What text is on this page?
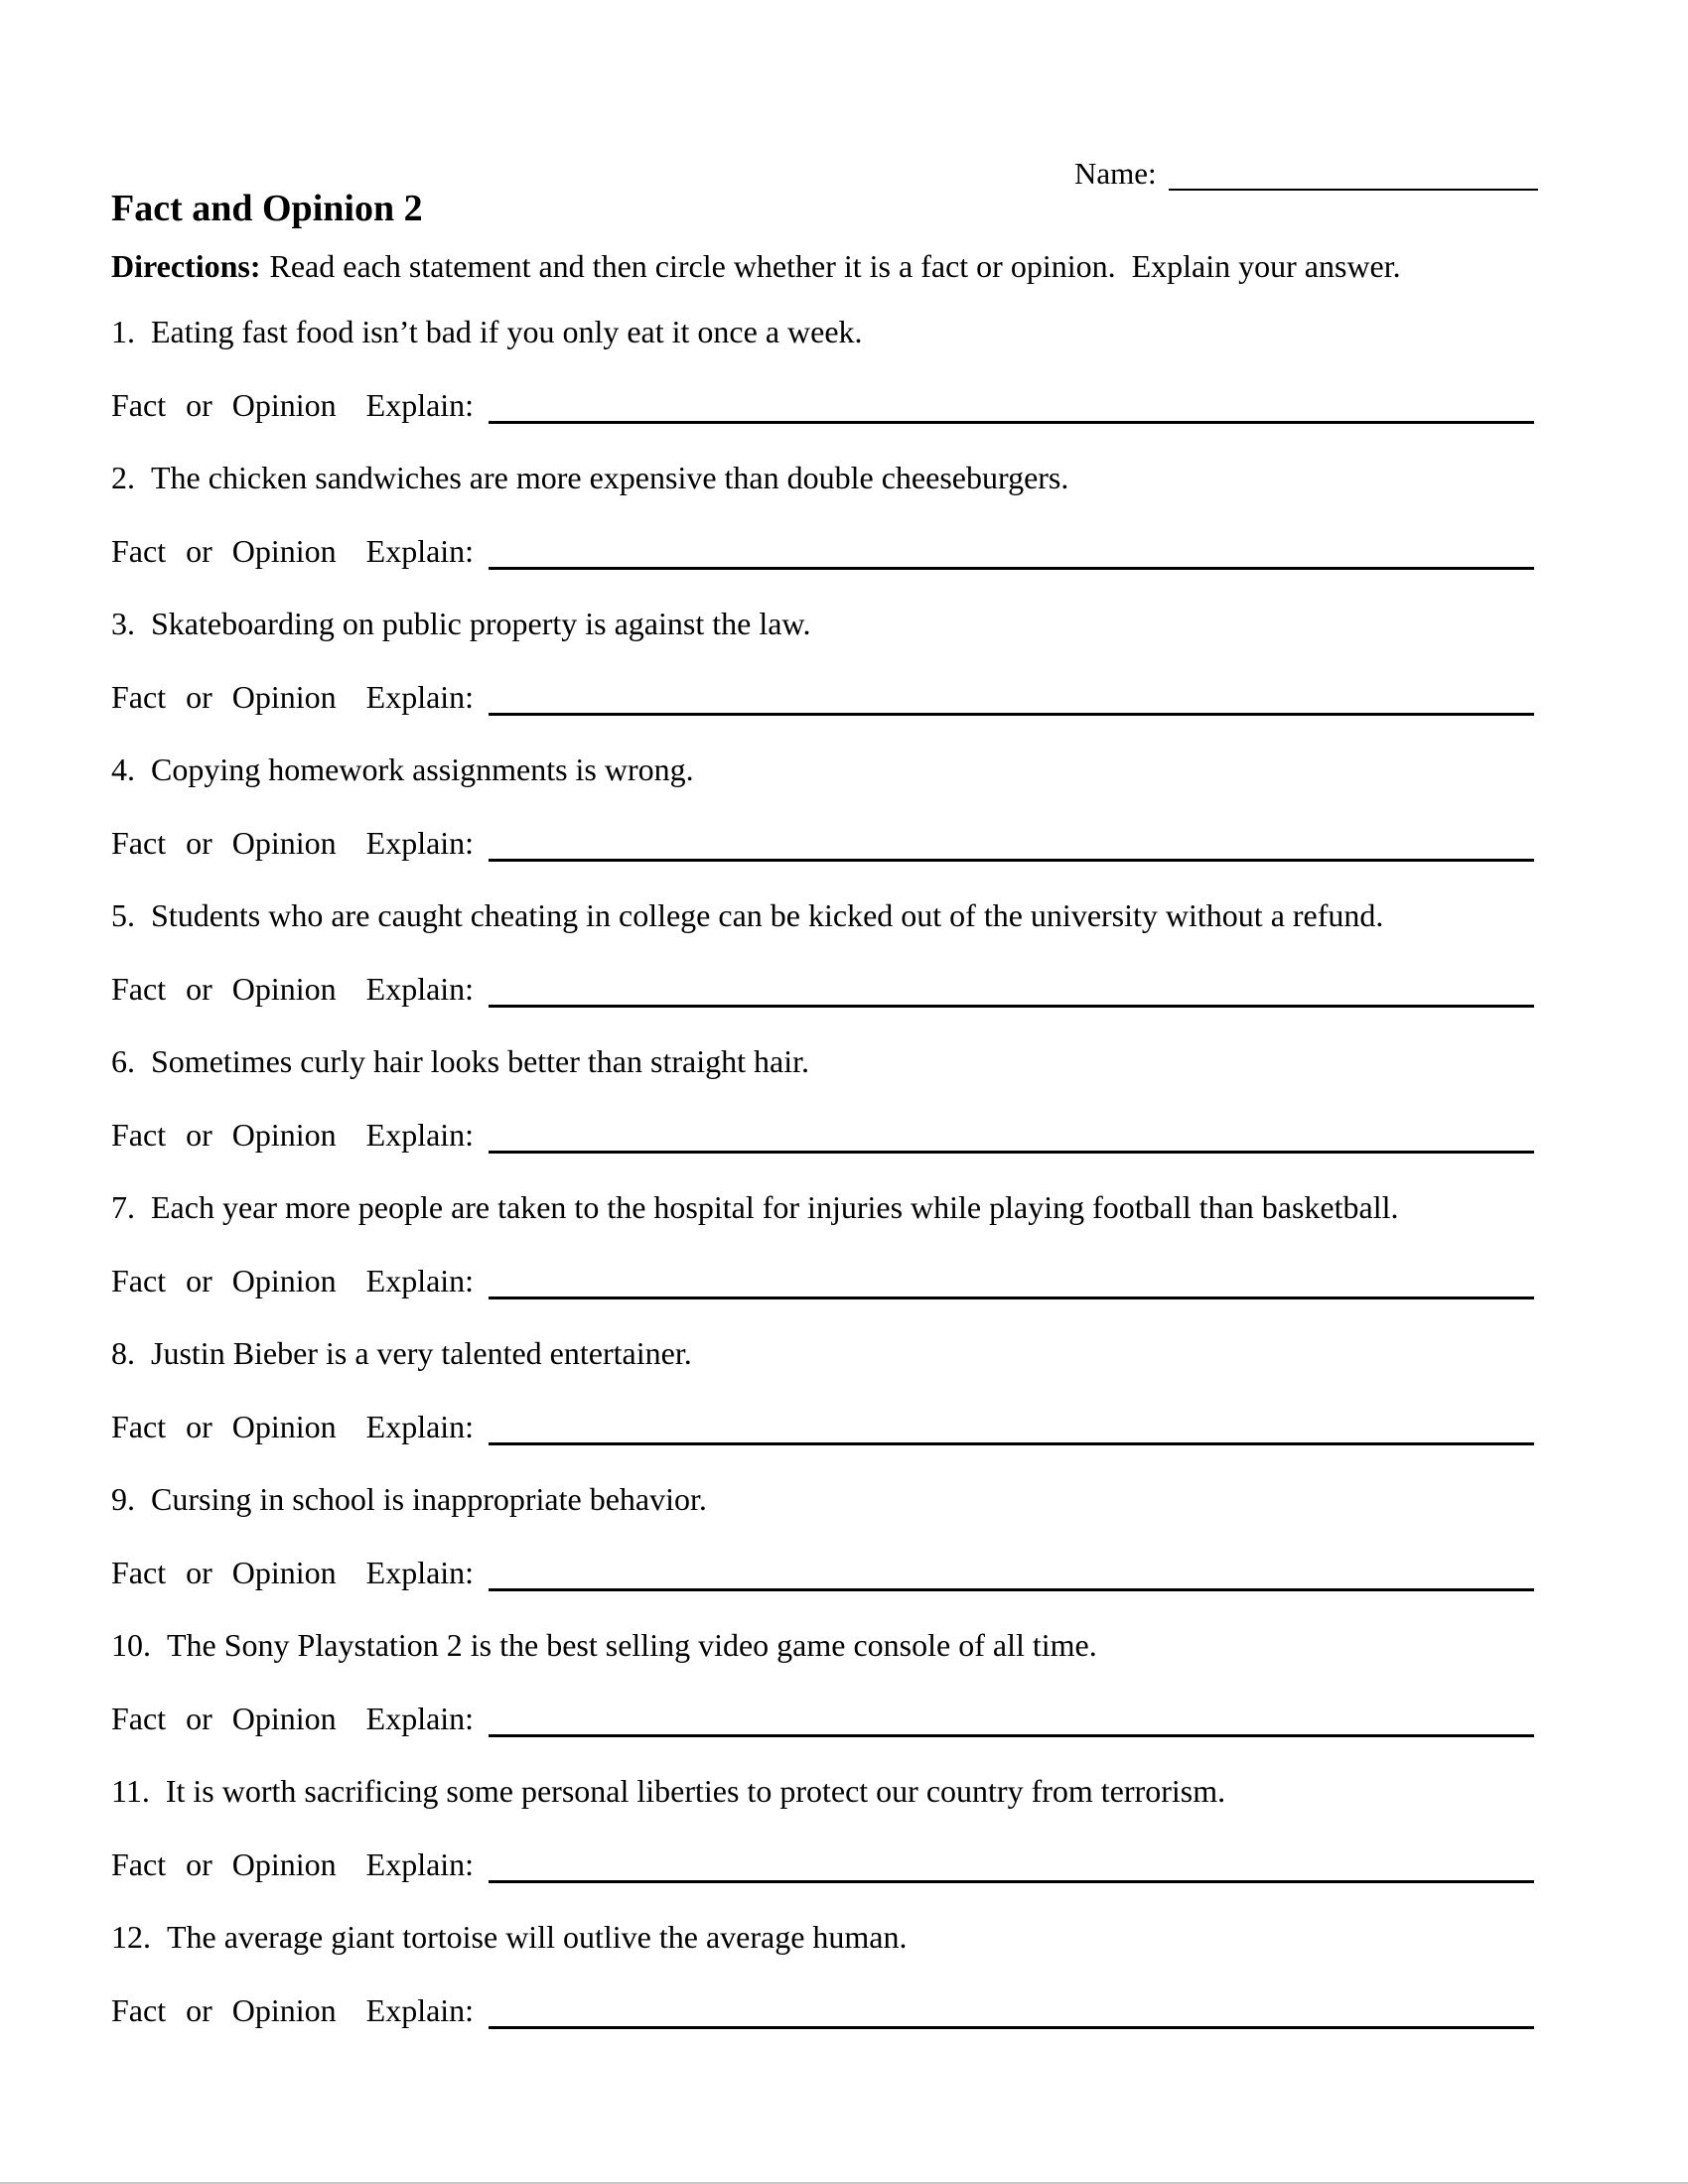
Name:
Fact and Opinion 2

Directions: Read each statement and then circle whether it is a fact or opinion.  Explain your answer.

1. Eating fast food isn’t bad if you only eat it once a week.
Fact or Opinion Explain:
2. The chicken sandwiches are more expensive than double cheeseburgers.
Fact or Opinion Explain:
3. Skateboarding on public property is against the law.
Fact or Opinion Explain:
4. Copying homework assignments is wrong.
Fact or Opinion Explain:
5. Students who are caught cheating in college can be kicked out of the university without a refund.
Fact or Opinion Explain:
6. Sometimes curly hair looks better than straight hair.
Fact or Opinion Explain:
7. Each year more people are taken to the hospital for injuries while playing football than basketball.
Fact or Opinion Explain:
8. Justin Bieber is a very talented entertainer.
Fact or Opinion Explain:
9. Cursing in school is inappropriate behavior.
Fact or Opinion Explain:
10. The Sony Playstation 2 is the best selling video game console of all time.
Fact or Opinion Explain:
11. It is worth sacrificing some personal liberties to protect our country from terrorism.
Fact or Opinion Explain:
12. The average giant tortoise will outlive the average human.
Fact or Opinion Explain:
